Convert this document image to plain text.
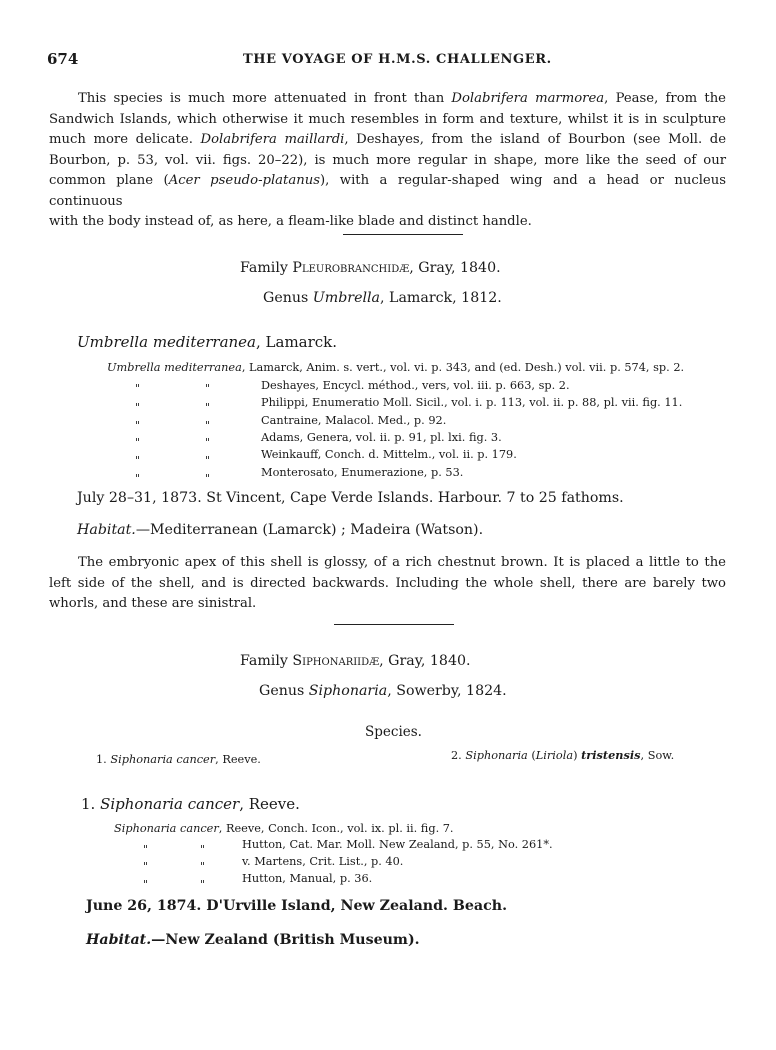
674	THE VOYAGE OF H.M.S. CHALLENGER.
This species is much more attenuated in front than Dolabrifera marmorea, Pease, from the
Sandwich Islands, which otherwise it much resembles in form and texture, whilst it is in sculpture
much more delicate. Dolabrifera maillardi, Deshayes, from the island of Bourbon (see Moll. de
Bourbon, p. 53, vol. vii. figs. 20–22), is much more regular in shape, more like the seed of our
common plane (Acer pseudo-platanus), with a regular-shaped wing and a head or nucleus continuous
with the body instead of, as here, a fleam-like blade and distinct handle.
Family Pleurobranchidæ, Gray, 1840.
Genus Umbrella, Lamarck, 1812.
Umbrella mediterranea, Lamarck.
Umbrella mediterranea, Lamarck, Anim. s. vert., vol. vi. p. 343, and (ed. Desh.) vol. vii. p. 574, sp. 2.
"	"	Deshayes, Encycl. méthod., vers, vol. iii. p. 663, sp. 2.
"	"	Philippi, Enumeratio Moll. Sicil., vol. i. p. 113, vol. ii. p. 88, pl. vii. fig. 11.
"	"	Cantraine, Malacol. Med., p. 92.
"	"	Adams, Genera, vol. ii. p. 91, pl. lxi. fig. 3.
"	"	Weinkauff, Conch. d. Mittelm., vol. ii. p. 179.
"	"	Monterosato, Enumerazione, p. 53.
July 28–31, 1873. St Vincent, Cape Verde Islands. Harbour. 7 to 25 fathoms.
Habitat.—Mediterranean (Lamarck) ; Madeira (Watson).
The embryonic apex of this shell is glossy, of a rich chestnut brown. It is placed a little to the
left side of the shell, and is directed backwards. Including the whole shell, there are barely two
whorls, and these are sinistral.
Family Siphonariidæ, Gray, 1840.
Genus Siphonaria, Sowerby, 1824.
Species.
1. Siphonaria cancer, Reeve.	2. Siphonaria (Liriola) tristensis, Sow.
1. Siphonaria cancer, Reeve.
Siphonaria cancer, Reeve, Conch. Icon., vol. ix. pl. ii. fig. 7.
"	"	Hutton, Cat. Mar. Moll. New Zealand, p. 55, No. 261*.
"	"	v. Martens, Crit. List., p. 40.
"	"	Hutton, Manual, p. 36.
June 26, 1874. D'Urville Island, New Zealand. Beach.
Habitat.—New Zealand (British Museum).
